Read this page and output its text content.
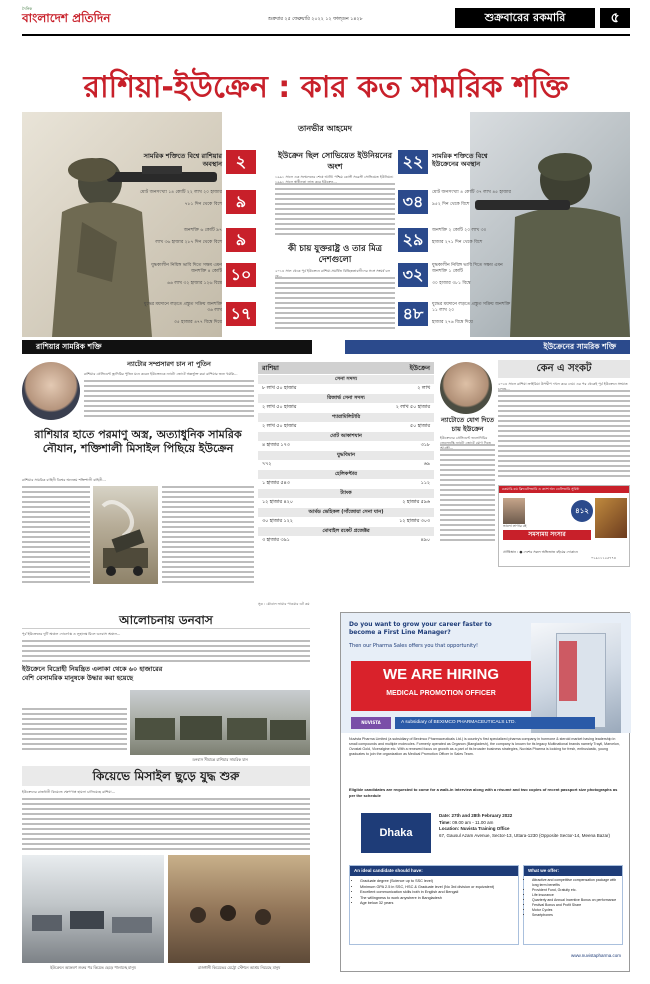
দৈনিক
বাংলাদেশ প্রতিদিন	শুক্রবার ২৫ ফেব্রুয়ারি ২০২২ ১২ ফাল্গুন ১৪২৮	শুক্রবারের রকমারি	৫
রাশিয়া-ইউক্রেন : কার কত সামরিক শক্তি
তানভীর আহমেদ
সামরিক শক্তিতে বিশ্বে রাশিয়ার অবস্থান ২
মোট জনসংখ্যা ১৪ কোটি ২২ লাখ ২০ হাজার
৭৮১ দিন থেকে বিশে ৯
জনশক্তি ৬ কোটি ৯৭
লাখ ৩৬ হাজার ২৮৭ দিন থেকে বিশে ৯
যুদ্ধকালীন নিয়িঙ্গ ভাবি দিতে সক্ষম এমন জনশক্তি ৪ কোটি
৬৬ লাখ ৩২ হাজার ১২৬ বিশ্বে ১০
যুদ্ধের ময়দানে লড়তে প্রস্তুত সক্রিয় জনশক্তি ৩৬ লাখ
৩৫ হাজার ৪৭৭ বিশ্বে দিয়ে ১৭
২২	সামরিক শক্তিতে বিশ্বে ইউক্রেনের অবস্থান
৩৪	মোট জনসংখ্যা ৪ কোটি ৩৭ লাখ ৪৫ হাজার
৯৫২ দিন থেকে বিশে
২৯	জনশক্তি ২ কোটি ২০ লাখ ৩০
হাজার ২৭১ দিন থেকে বিশে
৩২	যুদ্ধকালীন নিয়িঙ্গ ভাবি দিতে সক্ষম এমন জনশক্তি ১ কোটি
৩০ হাজার ৩৮১ বিশ্বে
৪৮	যুদ্ধের ময়দানে লড়তে প্রস্তুত সক্রিয় জনশক্তি ১১ লাখ ২০
হাজার ২৭৬ বিশ্বে দিয়ে
ইউক্রেন ছিল সোভিয়েত ইউনিয়নের অংশ
১৯৯১ সালে এক সম্মেলনের শেষে আর্নি। পশ্চিম কোস্ট সব্রেস্ট সোভিয়েত ইউনিয়ন।
কী চায় যুক্তরাষ্ট্র ও তার মিত্র দেশগুলো
২০১৪ সাল থেকে পূর্ব ইউক্রেনে রাশিয়া-সমর্থিত বিচ্ছিন্নতাবাদীদের সঙ্গে সংঘর্ষ চল
রাশিয়ার সামরিক শক্তি	ইউক্রেনের সামরিক শক্তি
ন্যাটোর সম্প্রসারণ চান না পুতিন
রাশিয়ার প্রেসিডেন্ট ভ্লাদিমির পুতিন মনে করেন ইউক্রেনকে ন্যাটো জোটে অন্তর্ভুক্ত করা রাশিয়ার জন্য হুমকি...
রাশিয়ার হাতে পরমাণু অস্ত্র, অত্যাধুনিক সামরিক নৌযান, শক্তিশালী মিসাইল পিছিয়ে ইউক্রেন
রাশিয়ার সামরিক বাহিনী বিশ্বের অন্যতম শক্তিশালী বাহিনী...
রাশিয়া	ইউক্রেন
সেনা সদস্য
৮ লাখ ৫০ হাজার	২ লাখ
রিজার্ভ সেনা সদস্য
২ লাখ ৫০ হাজার	২ লাখ ৫০ হাজার
প্যারামিলিটারি
২ লাখ ৫০ হাজার	৫০ হাজার
মোট আকাশযান
৪ হাজার ১৭৩	৩১৮
যুদ্ধবিমান
৭৭২	৬৯
হেলিকপ্টার
১ হাজার ৫৪৩	১১২
ট্যাংক
১২ হাজার ৪২০	২ হাজার ৫৯৬
আর্মড ভেহিকল (সাঁজোয়া সেনা যান)
৩০ হাজার ১২২	১২ হাজার ৩০৩
মোবাইল রকেট প্রজেক্টর
৩ হাজার ৩৯১	৪৯০
সূত্র : গ্লোবাল ফায়ার পাওয়ার ডট কম
ন্যাটোতে যোগ দিতে চায় ইউক্রেন
ইউক্রেনের প্রেসিডেন্ট ভলোদিমির
কেন এ সংকট
২০২৪ সালে রাশিয়া ক্রাইমিয়া উপদ্বীপ দখল করে নেয়। এর পর থেকেই পূর্ব ইউক্রেনে সংঘাত
রকমারি.কম ফ্রিডেলিভারি ও ক্যাশ অন ডেলিভারি সুবিধা
৪১২
সমসাময় সংসার
ভালো লাগার বই
প্রাপ্তিস্থান : ● দেশের সকল অভিজাত বইয়ের দোকানে
০১৯১১১২৫৭৭৪
আলোচনায় ডনবাস
পূর্ব ইউক্রেনের দুটি অঞ্চল দোনেৎস্ক ও লুহানস্ক মিলে ডনবাস অঞ্চল...
ইউক্রেনে বিদ্রোহী নিয়ন্ত্রিত এলাকা থেকে ৬০ হাজারের বেশি বেসামরিক মানুষকে উদ্ধার করা হয়েছে
ডনবাস সীমান্তে রাশিয়ার সামরিক যান
কিয়েভে মিসাইল ছুড়ে যুদ্ধ শুরু
ইউক্রেনের রাজধানী কিয়েভে ক্ষেপণাস্ত্র হামলা চালিয়েছে রাশিয়া...
ইউক্রেনে আক্রমণ শুরুর পর কিয়েভ ছেড়ে পালাচ্ছে মানুষ	রাজধানী কিয়েভের মেট্রো স্টেশনে আশ্রয় নিয়েছে মানুষ
Do you want to grow your career faster to become a First Line Manager?
Then our Pharma Sales offers you that opportunity!
WE ARE HIRING
MEDICAL PROMOTION OFFICER
NUVISTA PHARMA
A subsidiary of BEXIMCO PHARMACEUTICALS LTD.
Nuvista Pharma Limited (a subsidiary of Beximco Pharmaceuticals Ltd.) is country's first specialized pharma company in hormone & steroid market having leadership in small compounds and multiple molecules. Formerly operated as Organon (Bangladesh), the company is known for its legacy Multinational brands namely Trayil, Marvelon, Ovostat Gold, Viceralgine etc. With a renewed focus on growth as a part of its broader business strategies, Nuvista Pharma is looking for fresh, enthusiastic, young graduates to join the organization as Medical Promotion Officer in Sales Team.
Eligible candidates are requested to come for a walk-in interview along with a résumé and two copies of recent passport size photographs as per the schedule
Dhaka
Date: 27th and 28th February 2022
Time: 09.00 am - 11.00 am
Location: Nuvista Training Office
67, Gausul Azam Avenue, Sector-13, Uttara-1230 (Opposite Sector-14, Meena Bazar)
An ideal candidate should have:
• Graduate degree (Science up to SSC level)
• Minimum GPA 2.5 in SSC, HSC & Graduate level (No 3rd division or equivalent)
• Excellent communication skills both in English and Bengali
• The willingness to work anywhere in Bangladesh
• Age below 32 years
What we offer:
• Attractive and competitive compensation package with long term benefits
• Provident Fund, Gratuity etc.
• Life insurance
• Quarterly and Annual Incentive Bonus on performance
• Festival Bonus and Profit Share
• Motor Cycles
• Smartphones
www.nuvistapharma.com
